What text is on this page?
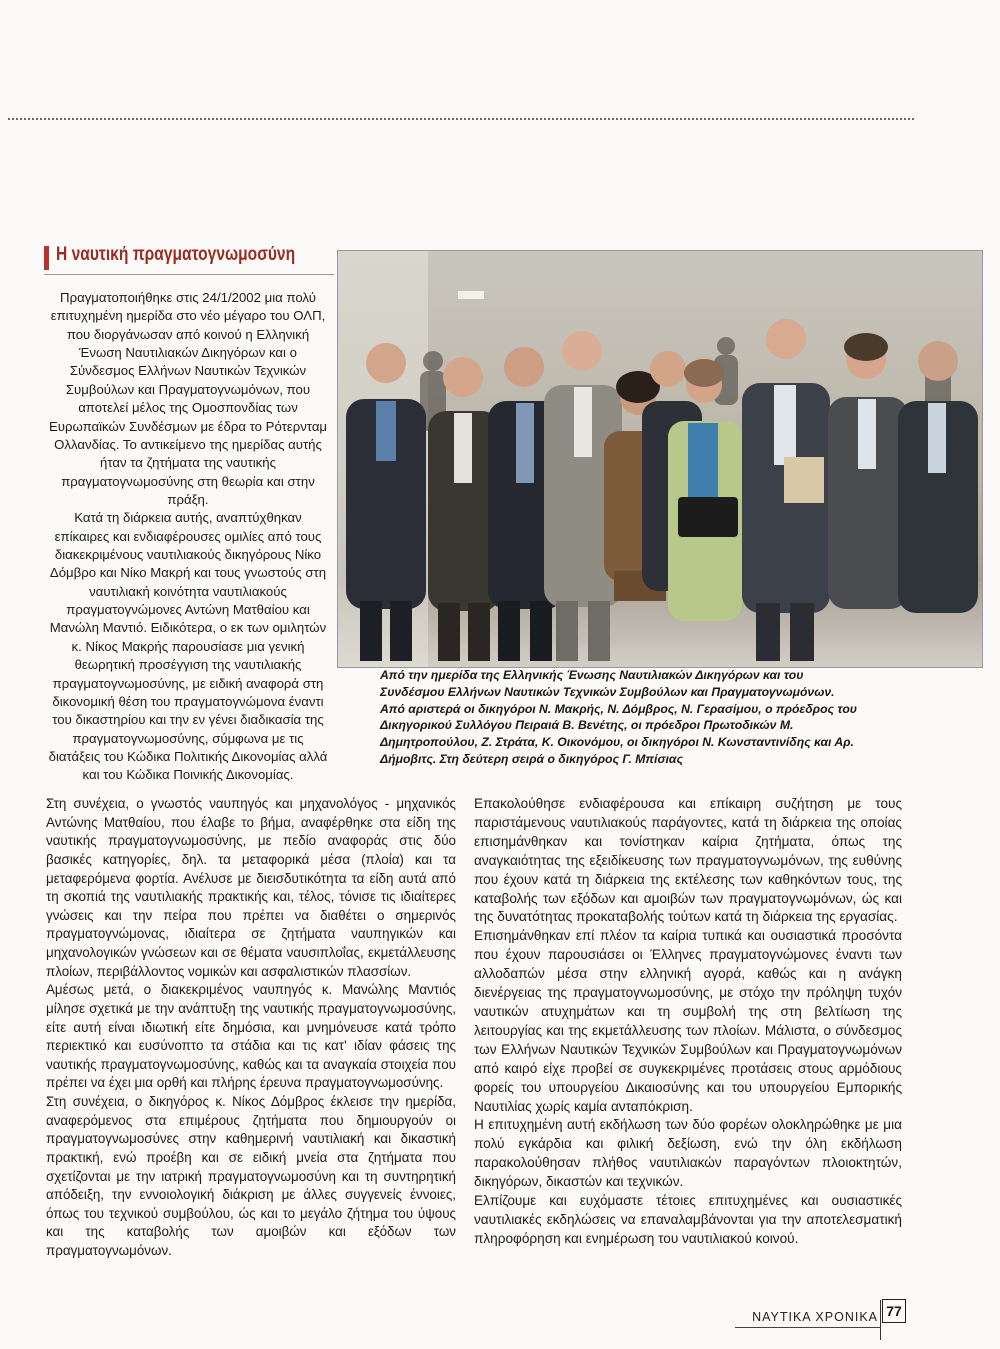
Η ναυτική πραγματογνωμοσύνη

Πραγματοποιήθηκε στις 24/1/2002 μια πολύ επιτυχημένη ημερίδα στο νέο μέγαρο του ΟΛΠ, που διοργάνωσαν από κοινού η Ελληνική Ένωση Ναυτιλιακών Δικηγόρων και ο Σύνδεσμος Ελλήνων Ναυτικών Τεχνικών Συμβούλων και Πραγματογνωμόνων, που αποτελεί μέλος της Ομοσπονδίας των Ευρωπαϊκών Συνδέσμων με έδρα το Ρότερνταμ Ολλανδίας. Το αντικείμενο της ημερίδας αυτής ήταν τα ζητήματα της ναυτικής πραγματογνωμοσύνης στη θεωρία και στην πράξη.

Κατά τη διάρκεια αυτής, αναπτύχθηκαν επίκαιρες και ενδιαφέρουσες ομιλίες από τους διακεκριμένους ναυτιλιακούς δικηγόρους Νίκο Δόμβρο και Νίκο Μακρή και τους γνωστούς στη ναυτιλιακή κοινότητα ναυτιλιακούς πραγματογνώμονες Αντώνη Ματθαίου και Μανώλη Μαντιό. Ειδικότερα, ο εκ των ομιλητών κ. Νίκος Μακρής παρουσίασε μια γενική θεωρητική προσέγγιση της ναυτιλιακής πραγματογνωμοσύνης, με ειδική αναφορά στη δικονομική θέση του πραγματογνώμονα έναντι του δικαστηρίου και την εν γένει διαδικασία της πραγματογνωμοσύνης, σύμφωνα με τις διατάξεις του Κώδικα Πολιτικής Δικονομίας αλλά και του Κώδικα Ποινικής Δικονομίας.

Από την ημερίδα της Ελληνικής Ένωσης Ναυτιλιακών Δικηγόρων και του Συνδέσμου Ελλήνων Ναυτικών Τεχνικών Συμβούλων και Πραγματογνωμόνων.

Από αριστερά οι δικηγόροι Ν. Μακρής, Ν. Δόμβρος, Ν. Γερασίμου, ο πρόεδρος του Δικηγορικού Συλλόγου Πειραιά Β. Βενέτης, οι πρόεδροι Πρωτοδικών Μ. Δημητροπούλου, Ζ. Στράτα, Κ. Οικονόμου, οι δικηγόροι Ν. Κωνσταντινίδης και Αρ. Δήμοβιτς. Στη δεύτερη σειρά ο δικηγόρος Γ. Μπίσιας

Στη συνέχεια, ο γνωστός ναυπηγός και μηχανολόγος - μηχανικός Αντώνης Ματθαίου, που έλαβε το βήμα, αναφέρθηκε στα είδη της ναυτικής πραγματογνωμοσύνης, με πεδίο αναφοράς στις δύο βασικές κατηγορίες, δηλ. τα μεταφορικά μέσα (πλοία) και τα μεταφερόμενα φορτία. Ανέλυσε με διεισδυτικότητα τα είδη αυτά από τη σκοπιά της ναυτιλιακής πρακτικής και, τέλος, τόνισε τις ιδιαίτερες γνώσεις και την πείρα που πρέπει να διαθέτει ο σημερινός πραγματογνώμονας, ιδιαίτερα σε ζητήματα ναυπηγικών και μηχανολογικών γνώσεων και σε θέματα ναυσιπλοΐας, εκμετάλλευσης πλοίων, περιβάλλοντος νομικών και ασφαλιστικών πλασσίων.

Αμέσως μετά, ο διακεκριμένος ναυπηγός κ. Μανώλης Μαντιός μίλησε σχετικά με την ανάπτυξη της ναυτικής πραγματογνωμοσύνης, είτε αυτή είναι ιδιωτική είτε δημόσια, και μνημόνευσε κατά τρόπο περιεκτικό και ευσύνοπτο τα στάδια και τις κατ' ιδίαν φάσεις της ναυτικής πραγματογνωμοσύνης, καθώς και τα αναγκαία στοιχεία που πρέπει να έχει μια ορθή και πλήρης έρευνα πραγματογνωμοσύνης.

Στη συνέχεια, ο δικηγόρος κ. Νίκος Δόμβρος έκλεισε την ημερίδα, αναφερόμενος στα επιμέρους ζητήματα που δημιουργούν οι πραγματογνωμοσύνες στην καθημερινή ναυτιλιακή και δικαστική πρακτική, ενώ προέβη και σε ειδική μνεία στα ζητήματα που σχετίζονται με την ιατρική πραγματογνωμοσύνη και τη συντηρητική απόδειξη, την εννοιολογική διάκριση με άλλες συγγενείς έννοιες, όπως του τεχνικού συμβούλου, ώς και το μεγάλο ζήτημα του ύψους και της καταβολής των αμοιβών και εξόδων των πραγματογνωμόνων.

Επακολούθησε ενδιαφέρουσα και επίκαιρη συζήτηση με τους παριστάμενους ναυτιλιακούς παράγοντες, κατά τη διάρκεια της οποίας επισημάνθηκαν και τονίστηκαν καίρια ζητήματα, όπως της αναγκαιότητας της εξειδίκευσης των πραγματογνωμόνων, της ευθύνης που έχουν κατά τη διάρκεια της εκτέλεσης των καθηκόντων τους, της καταβολής των εξόδων και αμοιβών των πραγματογνωμόνων, ώς και της δυνατότητας προκαταβολής τούτων κατά τη διάρκεια της εργασίας.

Επισημάνθηκαν επί πλέον τα καίρια τυπικά και ουσιαστικά προσόντα που έχουν παρουσιάσει οι Έλληνες πραγματογνώμονες έναντι των αλλοδαπών μέσα στην ελληνική αγορά, καθώς και η ανάγκη διενέργειας της πραγματογνωμοσύνης, με στόχο την πρόληψη τυχόν ναυτικών ατυχημάτων και τη συμβολή της στη βελτίωση της λειτουργίας και της εκμετάλλευσης των πλοίων. Μάλιστα, ο σύνδεσμος των Ελλήνων Ναυτικών Τεχνικών Συμβούλων και Πραγματογνωμόνων από καιρό είχε προβεί σε συγκεκριμένες προτάσεις στους αρμόδιους φορείς του υπουργείου Δικαιοσύνης και του υπουργείου Εμπορικής Ναυτιλίας χωρίς καμία ανταπόκριση.

Η επιτυχημένη αυτή εκδήλωση των δύο φορέων ολοκληρώθηκε με μια πολύ εγκάρδια και φιλική δεξίωση, ενώ την όλη εκδήλωση παρακολούθησαν πλήθος ναυτιλιακών παραγόντων πλοιοκτητών, δικηγόρων, δικαστών και τεχνικών.

Ελπίζουμε και ευχόμαστε τέτοιες επιτυχημένες και ουσιαστικές ναυτιλιακές εκδηλώσεις να επαναλαμβάνονται για την αποτελεσματική πληροφόρηση και ενημέρωση του ναυτιλιακού κοινού.

ΝΑΥΤΙΚΑ ΧΡΟΝΙΚΑ 77
